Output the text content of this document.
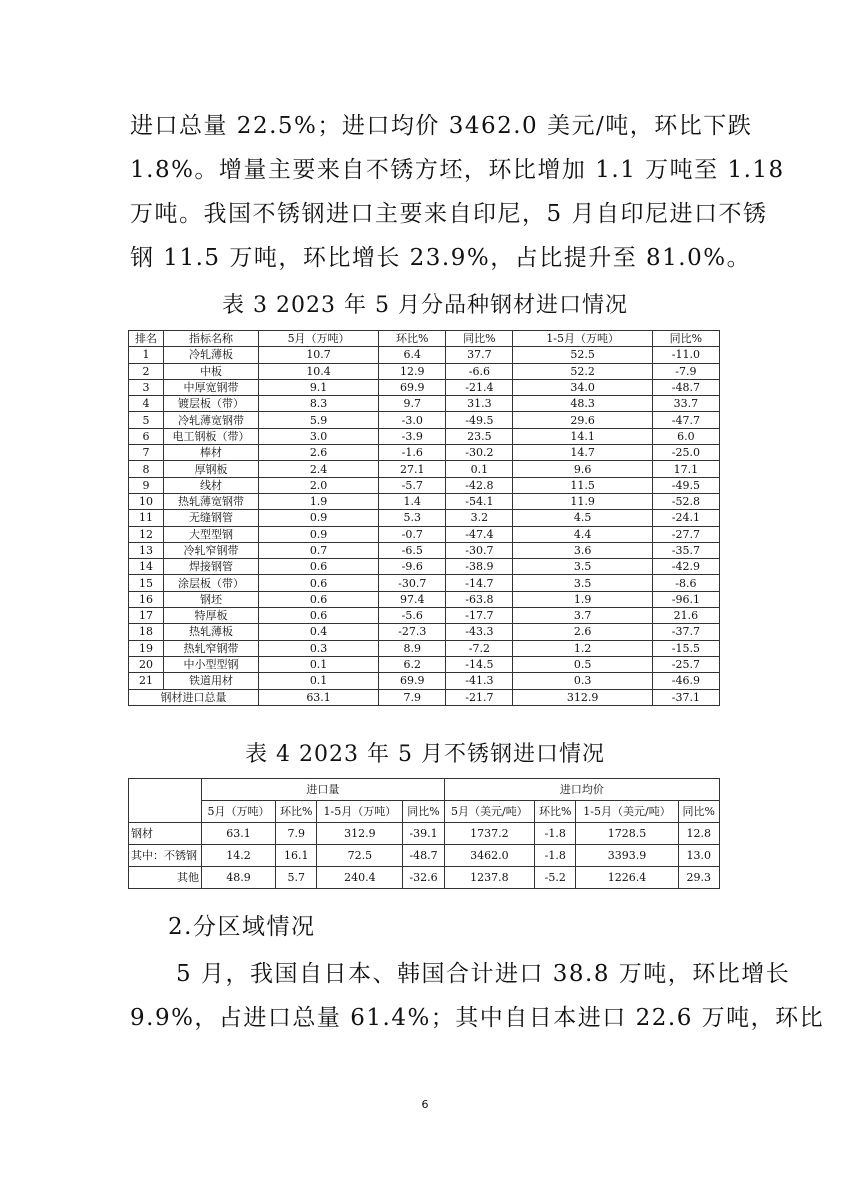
进口总量 22.5%；进口均价 3462.0 美元/吨，环比下跌
1.8%。增量主要来自不锈方坯，环比增加 1.1 万吨至 1.18
万吨。我国不锈钢进口主要来自印尼，5 月自印尼进口不锈
钢 11.5 万吨，环比增长 23.9%，占比提升至 81.0%。

表 3 2023 年 5 月分品种钢材进口情况

排名	指标名称	5月（万吨）	环比%	同比%	1-5月（万吨）	同比%
1	冷轧薄板	10.7	6.4	37.7	52.5	-11.0
2	中板	10.4	12.9	-6.6	52.2	-7.9
3	中厚宽钢带	9.1	69.9	-21.4	34.0	-48.7
4	镀层板（带）	8.3	9.7	31.3	48.3	33.7
5	冷轧薄宽钢带	5.9	-3.0	-49.5	29.6	-47.7
6	电工钢板（带）	3.0	-3.9	23.5	14.1	6.0
7	棒材	2.6	-1.6	-30.2	14.7	-25.0
8	厚钢板	2.4	27.1	0.1	9.6	17.1
9	线材	2.0	-5.7	-42.8	11.5	-49.5
10	热轧薄宽钢带	1.9	1.4	-54.1	11.9	-52.8
11	无缝钢管	0.9	5.3	3.2	4.5	-24.1
12	大型型钢	0.9	-0.7	-47.4	4.4	-27.7
13	冷轧窄钢带	0.7	-6.5	-30.7	3.6	-35.7
14	焊接钢管	0.6	-9.6	-38.9	3.5	-42.9
15	涂层板（带）	0.6	-30.7	-14.7	3.5	-8.6
16	钢坯	0.6	97.4	-63.8	1.9	-96.1
17	特厚板	0.6	-5.6	-17.7	3.7	21.6
18	热轧薄板	0.4	-27.3	-43.3	2.6	-37.7
19	热轧窄钢带	0.3	8.9	-7.2	1.2	-15.5
20	中小型型钢	0.1	6.2	-14.5	0.5	-25.7
21	铁道用材	0.1	69.9	-41.3	0.3	-46.9
钢材进口总量		63.1	7.9	-21.7	312.9	-37.1

表 4 2023 年 5 月不锈钢进口情况

	进口量				进口均价			
	5月（万吨）	环比%	1-5月（万吨）	同比%	5月（美元/吨）	环比%	1-5月（美元/吨）	同比%
钢材	63.1	7.9	312.9	-39.1	1737.2	-1.8	1728.5	12.8
其中：不锈钢	14.2	16.1	72.5	-48.7	3462.0	-1.8	3393.9	13.0
其他	48.9	5.7	240.4	-32.6	1237.8	-5.2	1226.4	29.3

2.分区域情况

5 月，我国自日本、韩国合计进口 38.8 万吨，环比增长
9.9%，占进口总量 61.4%；其中自日本进口 22.6 万吨，环比
6
